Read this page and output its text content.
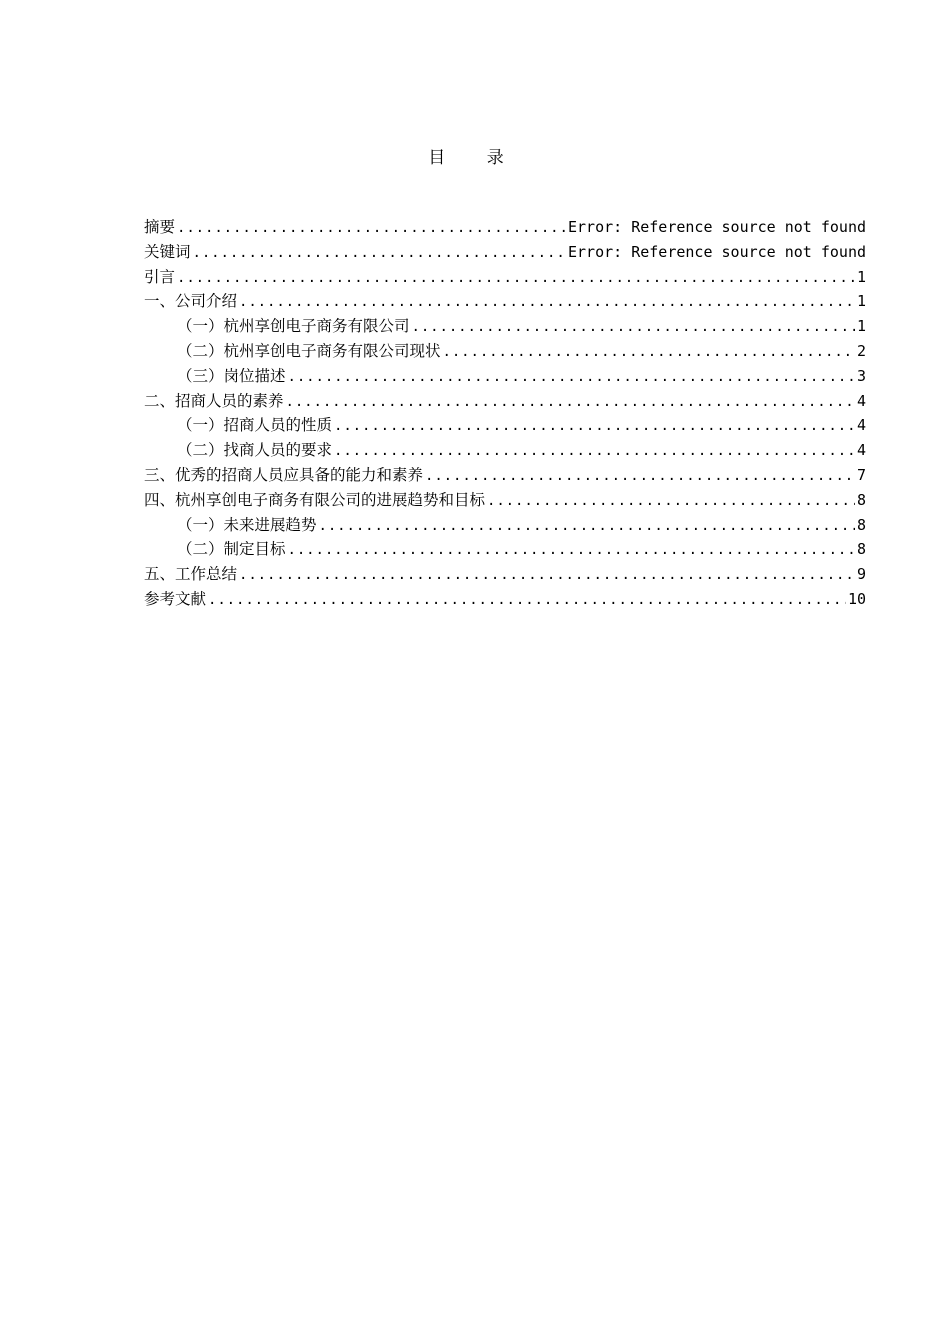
目 录
摘要 .....	Error: Reference source not found
关键词 .....	Error: Reference source not found
引言 .....	1
一、公司介绍 .....	1
（一）杭州享创电子商务有限公司 .....	1
（二）杭州享创电子商务有限公司现状 .....	2
（三）岗位描述 .....	3
二、招商人员的素养 .....	4
（一）招商人员的性质 .....	4
（二）找商人员的要求 .....	4
三、优秀的招商人员应具备的能力和素养 .....	7
四、杭州享创电子商务有限公司的进展趋势和目标 .....	8
（一）未来进展趋势 .....	8
（二）制定目标 .....	8
五、工作总结 .....	9
参考文献 .....	10
